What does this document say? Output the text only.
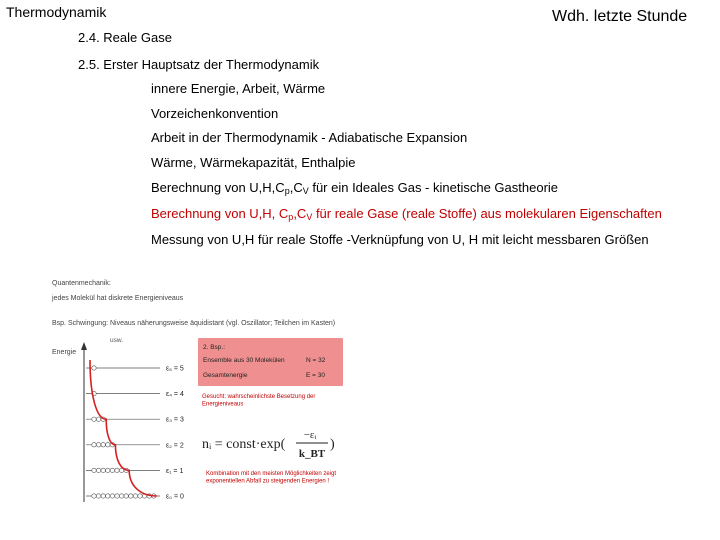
Thermodynamik	Wdh. letzte Stunde
2.4. Reale Gase
2.5. Erster Hauptsatz der Thermodynamik
innere Energie, Arbeit, Wärme
Vorzeichenkonvention
Arbeit in der Thermodynamik - Adiabatische Expansion
Wärme, Wärmekapazität, Enthalpie
Berechnung von $U,H,C_p,C_V$ für ein Ideales Gas - kinetische Gastheorie
Berechnung von U,H, $C_p,C_V$ für reale Gase (reale Stoffe) aus molekularen Eigenschaften
Messung von U,H für reale Stoffe -Verknüpfung von U, H mit leicht messbaren Größen
Quantenmechanik:
jedes Molekül hat diskrete Energieniveaus
Bsp. Schwingung: Niveaus näherungsweise äquidistant (vgl. Oszillator; Teilchen im Kasten)
Energie
usw.
ε₅ = 5
ε₄ = 4
ε₃ = 3
ε₂ = 2
ε₁ = 1
ε₀ = 0
2. Bsp.:
Ensemble aus 30 Molekülen	N = 32
Gesamtenergie	E = 30
Gesucht: wahrscheinlichste Besetzung der Energieniveaus
nᵢ = const·exp(
−εᵢ
k_BT
)
Kombination mit den meisten Möglichkeiten zeigt exponentiellen Abfall zu steigenden Energien !
